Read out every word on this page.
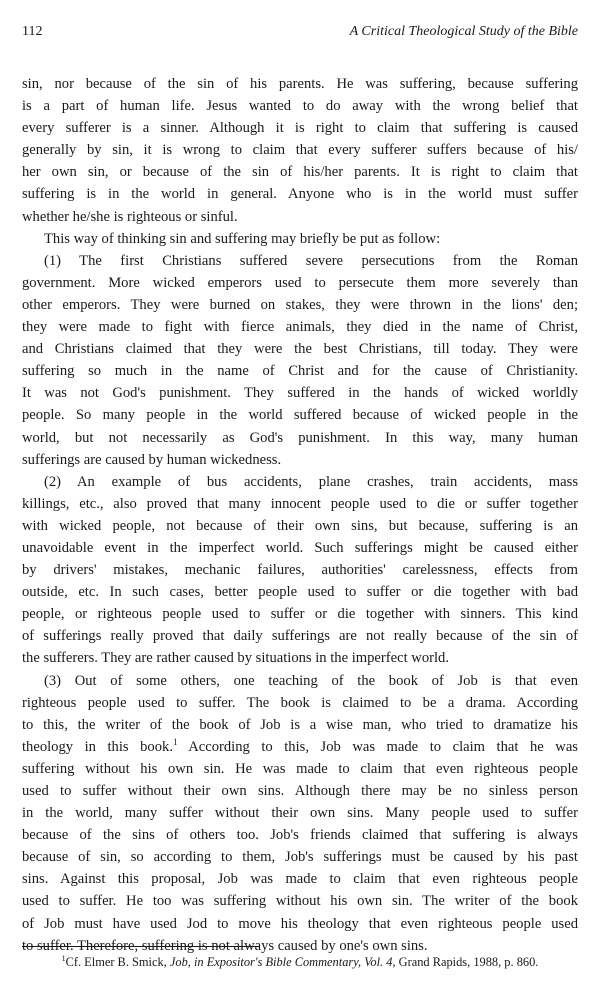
112	A Critical Theological Study of the Bible
sin, nor because of the sin of his parents. He was suffering, because suffering
is a part of human life. Jesus wanted to do away with the wrong belief that
every sufferer is a sinner. Although it is right to claim that suffering is caused
generally by sin, it is wrong to claim that every sufferer suffers because of his/
her own sin, or because of the sin of his/her parents. It is right to claim that
suffering is in the world in general. Anyone who is in the world must suffer
whether he/she is righteous or sinful.
This way of thinking sin and suffering may briefly be put as follow:
(1) The first Christians suffered severe persecutions from the Roman
government. More wicked emperors used to persecute them more severely than
other emperors. They were burned on stakes, they were thrown in the lions' den;
they were made to fight with fierce animals, they died in the name of Christ,
and Christians claimed that they were the best Christians, till today. They were
suffering so much in the name of Christ and for the cause of Christianity.
It was not God's punishment. They suffered in the hands of wicked worldly
people. So many people in the world suffered because of wicked people in the
world, but not necessarily as God's punishment. In this way, many human
sufferings are caused by human wickedness.
(2) An example of bus accidents, plane crashes, train accidents, mass
killings, etc., also proved that many innocent people used to die or suffer together
with wicked people, not because of their own sins, but because, suffering is an
unavoidable event in the imperfect world. Such sufferings might be caused either
by drivers' mistakes, mechanic failures, authorities' carelessness, effects from
outside, etc. In such cases, better people used to suffer or die together with bad
people, or righteous people used to suffer or die together with sinners. This kind
of sufferings really proved that daily sufferings are not really because of the sin of
the sufferers. They are rather caused by situations in the imperfect world.
(3) Out of some others, one teaching of the book of Job is that even
righteous people used to suffer. The book is claimed to be a drama. According
to this, the writer of the book of Job is a wise man, who tried to dramatize his
theology in this book.$^1$ According to this, Job was made to claim that he was
suffering without his own sin. He was made to claim that even righteous people
used to suffer without their own sins. Although there may be no sinless person
in the world, many suffer without their own sins. Many people used to suffer
because of the sins of others too. Job's friends claimed that suffering is always
because of sin, so according to them, Job's sufferings must be caused by his past
sins. Against this proposal, Job was made to claim that even righteous people
used to suffer. He too was suffering without his own sin. The writer of the book
of Job must have used Jod to move his theology that even righteous people used
to suffer. Therefore, suffering is not always caused by one's own sins.
$^1$Cf. Elmer B. Smick, Job, in Expositor's Bible Commentary, Vol. 4, Grand Rapids, 1988, p. 860.
